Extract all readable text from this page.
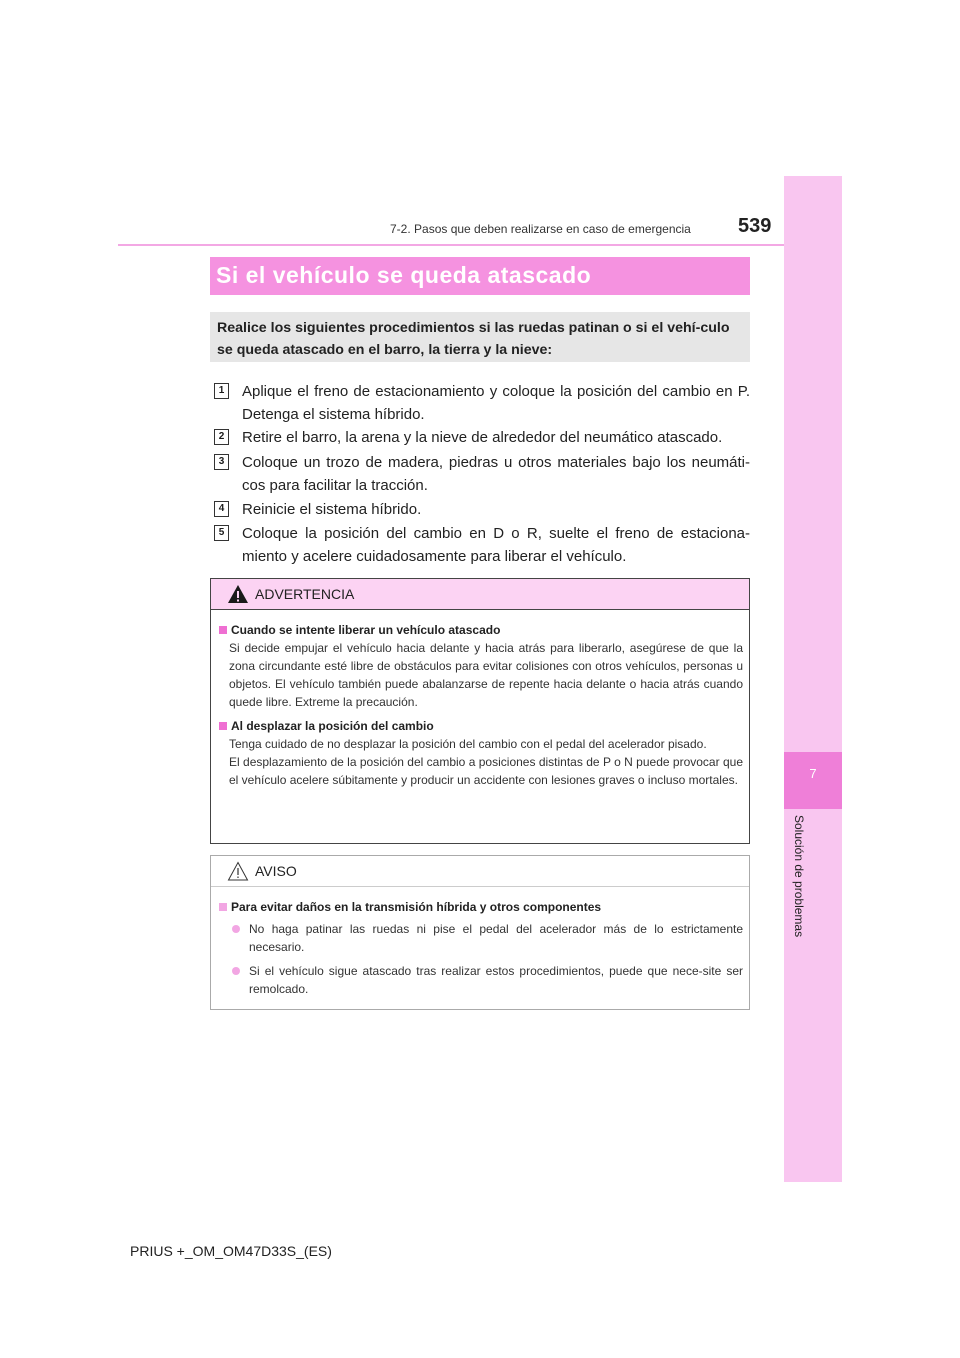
7
Solución de problemas
7-2. Pasos que deben realizarse en caso de emergencia	539
Si el vehículo se queda atascado
Realice los siguientes procedimientos si las ruedas patinan o si el vehí-culo se queda atascado en el barro, la tierra y la nieve:
1	Aplique el freno de estacionamiento y coloque la posición del cambio en P. Detenga el sistema híbrido.
2	Retire el barro, la arena y la nieve de alrededor del neumático atascado.
3	Coloque un trozo de madera, piedras u otros materiales bajo los neumáti-cos para facilitar la tracción.
4	Reinicie el sistema híbrido.
5	Coloque la posición del cambio en D o R, suelte el freno de estaciona-miento y acelere cuidadosamente para liberar el vehículo.
ADVERTENCIA
Cuando se intente liberar un vehículo atascado
Si decide empujar el vehículo hacia delante y hacia atrás para liberarlo, asegúrese de que la zona circundante esté libre de obstáculos para evitar colisiones con otros vehículos, personas u objetos. El vehículo también puede abalanzarse de repente hacia delante o hacia atrás cuando quede libre. Extreme la precaución.
Al desplazar la posición del cambio
Tenga cuidado de no desplazar la posición del cambio con el pedal del acelerador pisado.
El desplazamiento de la posición del cambio a posiciones distintas de P o N puede provocar que el vehículo acelere súbitamente y producir un accidente con lesiones graves o incluso mortales.
AVISO
Para evitar daños en la transmisión híbrida y otros componentes
No haga patinar las ruedas ni pise el pedal del acelerador más de lo estrictamente necesario.
Si el vehículo sigue atascado tras realizar estos procedimientos, puede que nece-site ser remolcado.
PRIUS +_OM_OM47D33S_(ES)
